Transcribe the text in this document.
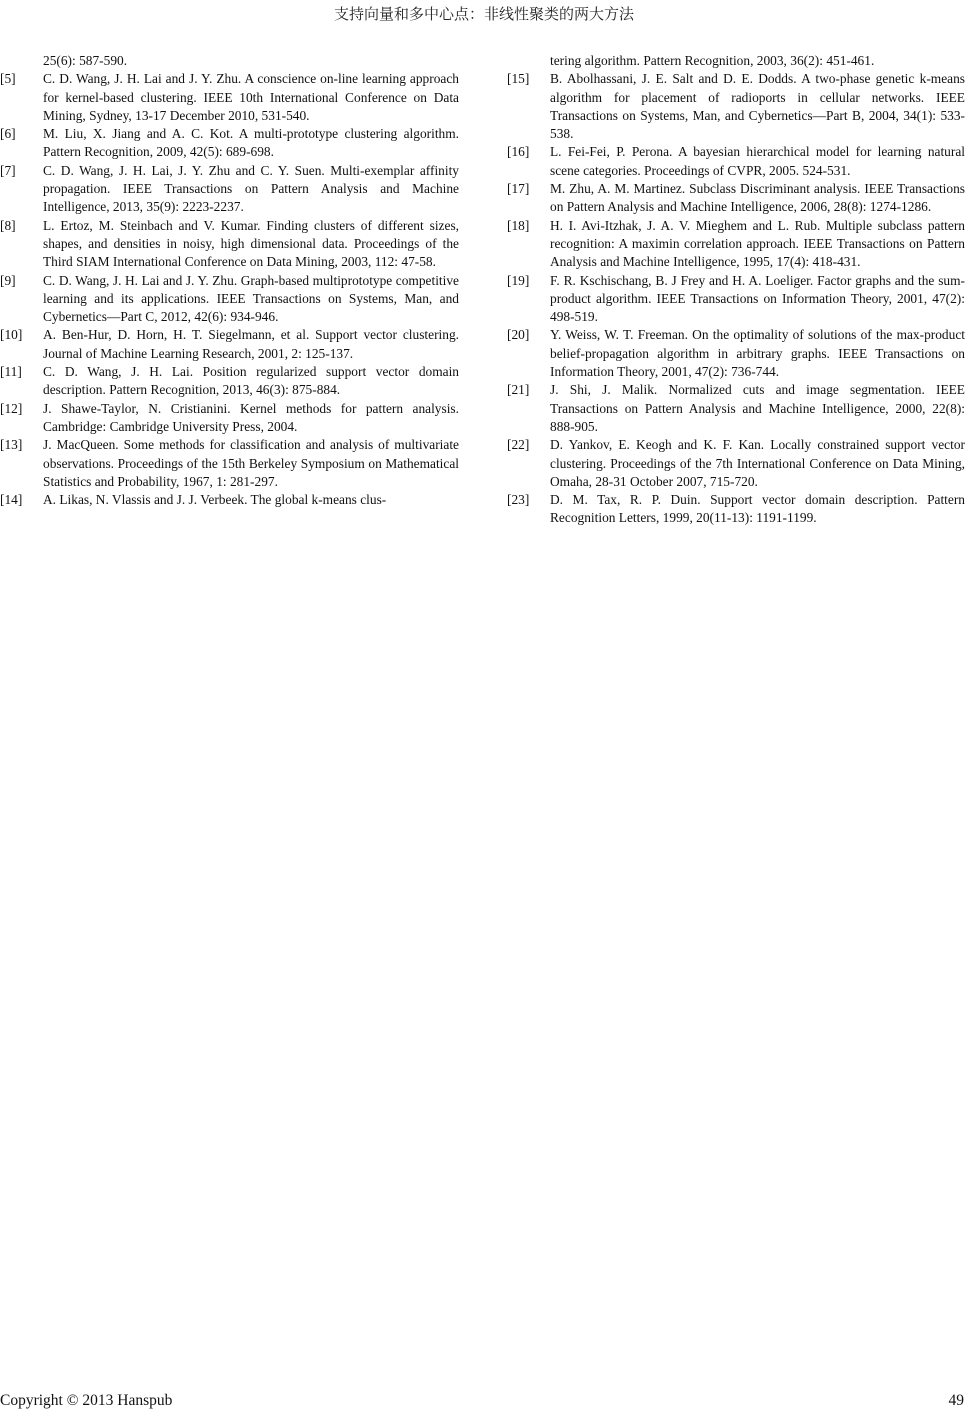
支持向量和多中心点：非线性聚类的两大方法
25(6): 587-590.
[5] C. D. Wang, J. H. Lai and J. Y. Zhu. A conscience on-line learning approach for kernel-based clustering. IEEE 10th International Conference on Data Mining, Sydney, 13-17 December 2010, 531-540.
[6] M. Liu, X. Jiang and A. C. Kot. A multi-prototype clustering algorithm. Pattern Recognition, 2009, 42(5): 689-698.
[7] C. D. Wang, J. H. Lai, J. Y. Zhu and C. Y. Suen. Multi-exemplar affinity propagation. IEEE Transactions on Pattern Analysis and Machine Intelligence, 2013, 35(9): 2223-2237.
[8] L. Ertoz, M. Steinbach and V. Kumar. Finding clusters of different sizes, shapes, and densities in noisy, high dimensional data. Proceedings of the Third SIAM International Conference on Data Mining, 2003, 112: 47-58.
[9] C. D. Wang, J. H. Lai and J. Y. Zhu. Graph-based multiprototype competitive learning and its applications. IEEE Transactions on Systems, Man, and Cybernetics—Part C, 2012, 42(6): 934-946.
[10] A. Ben-Hur, D. Horn, H. T. Siegelmann, et al. Support vector clustering. Journal of Machine Learning Research, 2001, 2: 125-137.
[11] C. D. Wang, J. H. Lai. Position regularized support vector domain description. Pattern Recognition, 2013, 46(3): 875-884.
[12] J. Shawe-Taylor, N. Cristianini. Kernel methods for pattern analysis. Cambridge: Cambridge University Press, 2004.
[13] J. MacQueen. Some methods for classification and analysis of multivariate observations. Proceedings of the 15th Berkeley Symposium on Mathematical Statistics and Probability, 1967, 1: 281-297.
[14] A. Likas, N. Vlassis and J. J. Verbeek. The global k-means clus-
tering algorithm. Pattern Recognition, 2003, 36(2): 451-461.
[15] B. Abolhassani, J. E. Salt and D. E. Dodds. A two-phase genetic k-means algorithm for placement of radioports in cellular networks. IEEE Transactions on Systems, Man, and Cybernetics—Part B, 2004, 34(1): 533-538.
[16] L. Fei-Fei, P. Perona. A bayesian hierarchical model for learning natural scene categories. Proceedings of CVPR, 2005. 524-531.
[17] M. Zhu, A. M. Martinez. Subclass Discriminant analysis. IEEE Transactions on Pattern Analysis and Machine Intelligence, 2006, 28(8): 1274-1286.
[18] H. I. Avi-Itzhak, J. A. V. Mieghem and L. Rub. Multiple subclass pattern recognition: A maximin correlation approach. IEEE Transactions on Pattern Analysis and Machine Intelligence, 1995, 17(4): 418-431.
[19] F. R. Kschischang, B. J Frey and H. A. Loeliger. Factor graphs and the sum-product algorithm. IEEE Transactions on Information Theory, 2001, 47(2): 498-519.
[20] Y. Weiss, W. T. Freeman. On the optimality of solutions of the max-product belief-propagation algorithm in arbitrary graphs. IEEE Transactions on Information Theory, 2001, 47(2): 736-744.
[21] J. Shi, J. Malik. Normalized cuts and image segmentation. IEEE Transactions on Pattern Analysis and Machine Intelligence, 2000, 22(8): 888-905.
[22] D. Yankov, E. Keogh and K. F. Kan. Locally constrained support vector clustering. Proceedings of the 7th International Conference on Data Mining, Omaha, 28-31 October 2007, 715-720.
[23] D. M. Tax, R. P. Duin. Support vector domain description. Pattern Recognition Letters, 1999, 20(11-13): 1191-1199.
Copyright © 2013 Hanspub	49
